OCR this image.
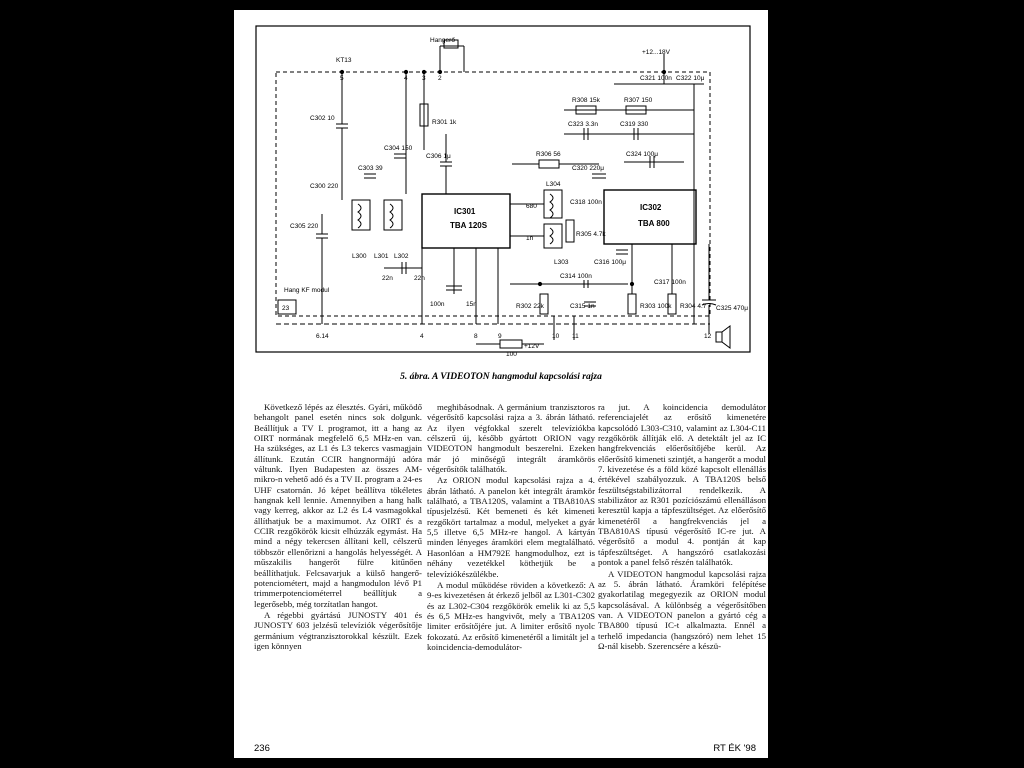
KT13
5	4 3 2
Hangerő
+12...18V
C302 10
C303 39
C304 150
C300 220
C305 220
R301 1k
C306 1μ
IC301
TBA 120S
IC302
TBA 800
L300 L301 L302
L304
L303
680
1n
R305 4.7k
R306 56
R308 15k	R307 150
C323 3.3n	C319 330
C324 100μ
C320 220μ
C321 100n C322 10μ
C318 100n
C316 100μ
C314 100n
C315 1n
C317 100n
R302 22k	R303 100k R304 4.7 C325 470μ
22n	22n
100n	15n
Hang KF modul
23
6.14	4	8	9	10 11	12
100
+12V
5. ábra. A VIDEOTON hangmodul kapcsolási rajza

Következő lépés az élesztés. Gyári, működő behangolt panel esetén nincs sok dolgunk. Beállítjuk a TV I. programot, itt a hang az OIRT normának megfelelő 6,5 MHz-en van. Ha szükséges, az L1 és L3 tekercs vasmagjain állítunk. Ezután CCIR hangnormájú adóra váltunk. Ilyen Budapesten az összes AM-mikro-n vehető adó és a TV II. program a 24-es UHF csatornán. Jó képet beállítva tökéletes hangnak kell lennie. Amennyiben a hang halk vagy kerreg, akkor az L2 és L4 vasmagokkal állíthatjuk be a maximumot. Az OIRT és a CCIR rezgőkörök kicsit elhúzzák egymást. Ha mind a négy tekercsen állítani kell, célszerű többször ellenőrizni a hangolás helyességét. A műszakilis hangerőt fülre kitűnően beállíthatjuk. Felcsavarjuk a külső hangerő-potenciométert, majd a hangmodulon lévő P1 trimmerpotenciométerrel beállítjuk a legerősebb, még torzítatlan hangot.

A régebbi gyártású JUNOSTY 401 és JUNOSTY 603 jelzésű televíziók végerősítője germánium végtranzisztorokkal készült. Ezek igen könnyen

meghibásodnak. A germánium tranzisztoros végerősítő kapcsolási rajza a 3. ábrán látható. Az ilyen végfokkal szerelt televíziókba célszerű új, később gyártott ORION vagy VIDEOTON hangmodult beszerelni. Ezeken már jó minőségű integrált áramkörös végerősítők találhatók.

Az ORION modul kapcsolási rajza a 4. ábrán látható. A panelon két integrált áramkör található, a TBA120S, valamint a TBA810AS típusjelzésű. Két bemeneti és két kimeneti rezgőkört tartalmaz a modul, melyeket a gyár 5,5 illetve 6,5 MHz-re hangol. A kártyán minden lényeges áramköri elem megtalálható. Hasonlóan a HM792E hangmodulhoz, ezt is néhány vezetékkel köthetjük be a televíziókészülékbe.

A modul működése röviden a következő: A 9-es kivezetésen át érkező jelből az L301-C302 és az L302-C304 rezgőkörök emelik ki az 5,5 és 6,5 MHz-es hangvivőt, mely a TBA120S limiter erősítőjére jut. A limiter erősítő nyolc fokozatú. Az erősítő kimenetéről a limitált jel a koincidencia-demodulátor-

ra jut. A koincidencia demodulátor referenciajelét az erősítő kimenetére kapcsolódó L303-C310, valamint az L304-C11 rezgőkörök állítják elő. A detektált jel az IC hangfrekvenciás előerősítőjébe kerül. Az előerősítő kimeneti szintjét, a hangerőt a modul 7. kivezetése és a föld közé kapcsolt ellenállás értékével szabályozzuk. A TBA120S belső feszültségstabilizátorral rendelkezik. A stabilizátor az R301 pozíciószámú ellenálláson keresztül kapja a tápfeszültséget. Az előerősítő kimenetéről a hangfrekvenciás jel a TBA810AS típusú végerősítő IC-re jut. A végerősítő a modul 4. pontján át kap tápfeszültséget. A hangszóró csatlakozási pontok a panel felső részén találhatók.

A VIDEOTON hangmodul kapcsolási rajza az 5. ábrán látható. Áramköri felépítése gyakorlatilag megegyezik az ORION modul kapcsolásával. A különbség a végerősítőben van. A VIDEOTON panelon a gyártó cég a TBA800 típusú IC-t alkalmazta. Ennél a terhelő impedancia (hangszóró) nem lehet 15 Ω-nál kisebb. Szerencsére a készü-

236	RT ÉK '98
